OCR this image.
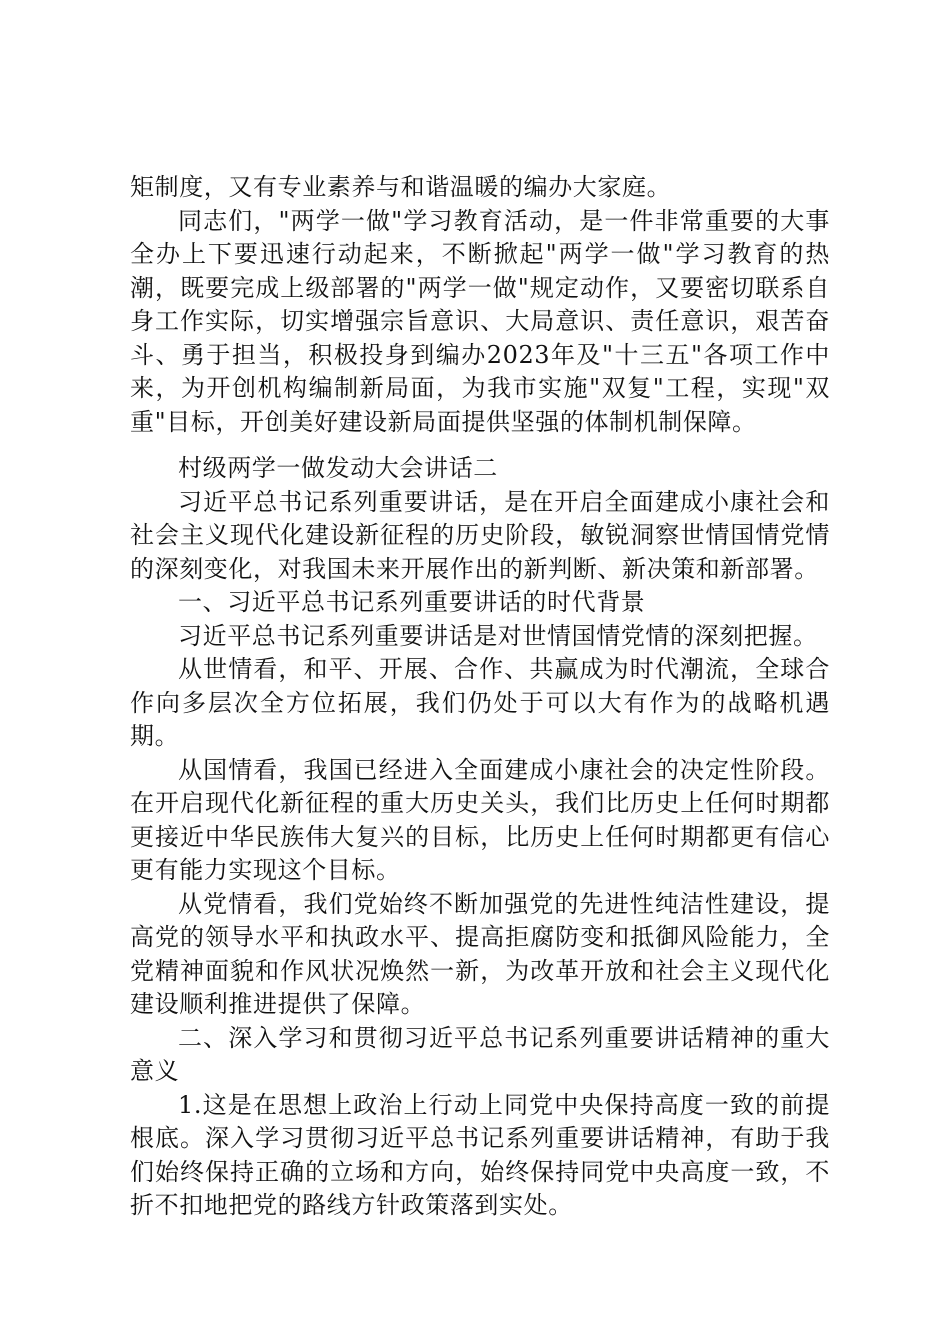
矩制度，又有专业素养与和谐温暖的编办大家庭。

同志们，"两学一做"学习教育活动，是一件非常重要的大事全办上下要迅速行动起来，不断掀起"两学一做"学习教育的热潮，既要完成上级部署的"两学一做"规定动作，又要密切联系自身工作实际，切实增强宗旨意识、大局意识、责任意识，艰苦奋斗、勇于担当，积极投身到编办2023年及"十三五"各项工作中来，为开创机构编制新局面，为我市实施"双复"工程，实现"双重"目标，开创美好建设新局面提供坚强的体制机制保障。

村级两学一做发动大会讲话二

习近平总书记系列重要讲话，是在开启全面建成小康社会和社会主义现代化建设新征程的历史阶段，敏锐洞察世情国情党情的深刻变化，对我国未来开展作出的新判断、新决策和新部署。

一、习近平总书记系列重要讲话的时代背景

习近平总书记系列重要讲话是对世情国情党情的深刻把握。

从世情看，和平、开展、合作、共赢成为时代潮流，全球合作向多层次全方位拓展，我们仍处于可以大有作为的战略机遇期。

从国情看，我国已经进入全面建成小康社会的决定性阶段。在开启现代化新征程的重大历史关头，我们比历史上任何时期都更接近中华民族伟大复兴的目标，比历史上任何时期都更有信心更有能力实现这个目标。

从党情看，我们党始终不断加强党的先进性纯洁性建设，提高党的领导水平和执政水平、提高拒腐防变和抵御风险能力，全党精神面貌和作风状况焕然一新，为改革开放和社会主义现代化建设顺利推进提供了保障。

二、深入学习和贯彻习近平总书记系列重要讲话精神的重大意义

1.这是在思想上政治上行动上同党中央保持高度一致的前提根底。深入学习贯彻习近平总书记系列重要讲话精神，有助于我们始终保持正确的立场和方向，始终保持同党中央高度一致，不折不扣地把党的路线方针政策落到实处。
